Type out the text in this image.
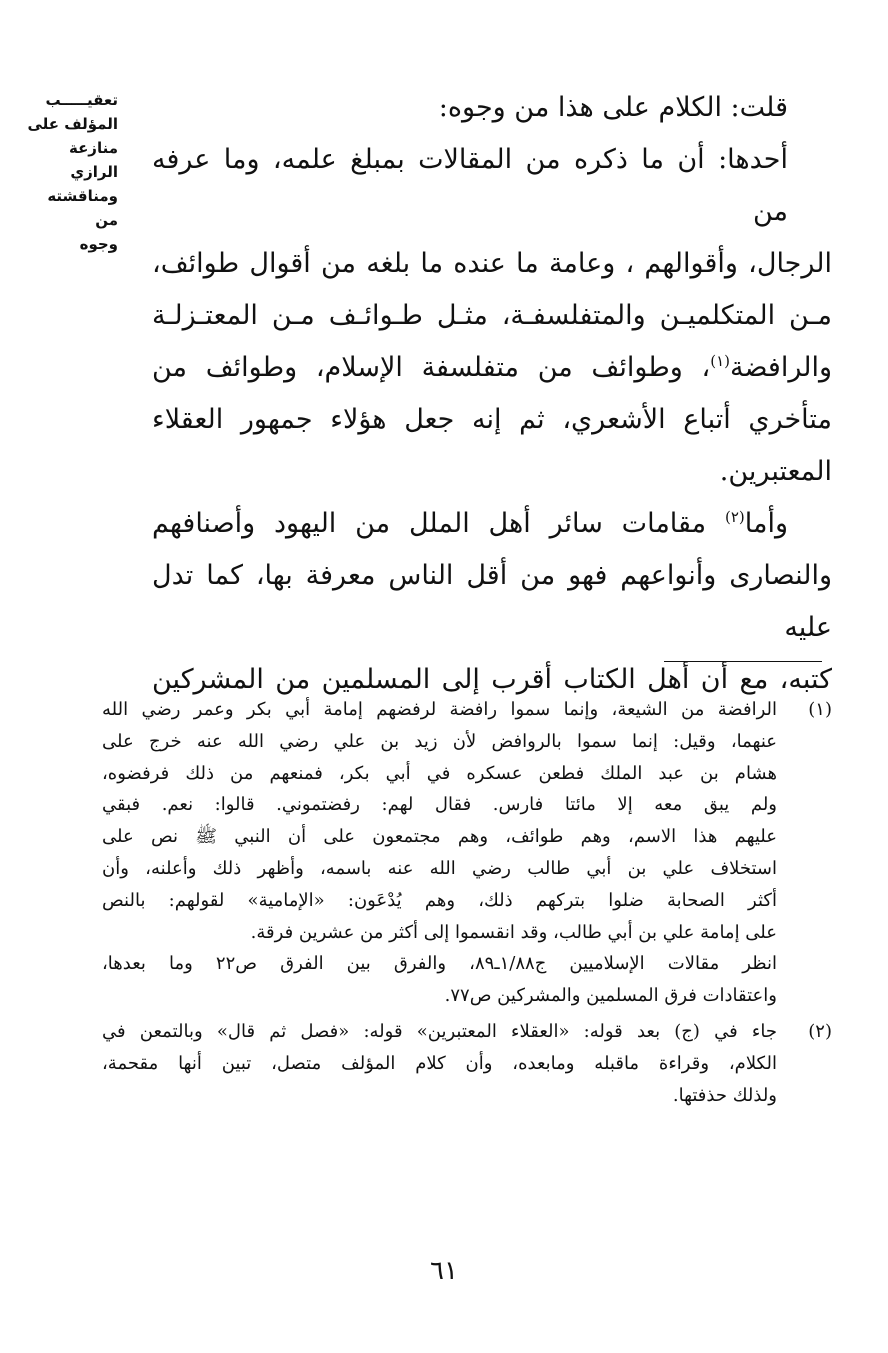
تعقيـــــب
المؤلف على
منازعة الرازي
ومناقشته من
وجوه

قلت: الكلام على هذا من وجوه:

أحدها: أن ما ذكره من المقالات بمبلغ علمه، وما عرفه من
الرجال، وأقوالهم ، وعامة ما عنده ما بلغه من أقوال طوائف،
مـن المتكلميـن والمتفلسفـة، مثـل طـوائـف مـن المعتـزلـة
والرافضة$^{(١)}$، وطوائف من متفلسفة الإسلام، وطوائف من
متأخري أتباع الأشعري، ثم إنه جعل هؤلاء جمهور العقلاء
المعتبرين.

وأما$^{(٢)}$ مقامات سائر أهل الملل من اليهود وأصنافهم
والنصارى وأنواعهم فهو من أقل الناس معرفة بها، كما تدل عليه
كتبه، مع أن أهل الكتاب أقرب إلى المسلمين من المشركين

(١)
الرافضة من الشيعة، وإنما سموا رافضة لرفضهم إمامة أبي بكر وعمر رضي الله
عنهما، وقيل: إنما سموا بالروافض لأن زيد بن علي رضي الله عنه خرج على
هشام بن عبد الملك فطعن عسكره في أبي بكر، فمنعهم من ذلك فرفضوه،
ولم يبق معه إلا مائتا فارس. فقال لهم: رفضتموني. قالوا: نعم. فبقي
عليهم هذا الاسم، وهم طوائف، وهم مجتمعون على أن النبي ﷺ نص على
استخلاف علي بن أبي طالب رضي الله عنه باسمه، وأظهر ذلك وأعلنه، وأن
أكثر الصحابة ضلوا بتركهم ذلك، وهم يُدْعَون: «الإمامية» لقولهم: بالنص
على إمامة علي بن أبي طالب، وقد انقسموا إلى أكثر من عشرين فرقة.
انظر مقالات الإسلاميين ج١/٨٨ـ٨٩، والفرق بين الفرق ص٢٢ وما بعدها،
واعتقادات فرق المسلمين والمشركين ص٧٧.
(٢)
جاء في (ج) بعد قوله: «العقلاء المعتبرين» قوله: «فصل ثم قال» وبالتمعن في
الكلام، وقراءة ماقبله ومابعده، وأن كلام المؤلف متصل، تبين أنها مقحمة،
ولذلك حذفتها.
٦١
